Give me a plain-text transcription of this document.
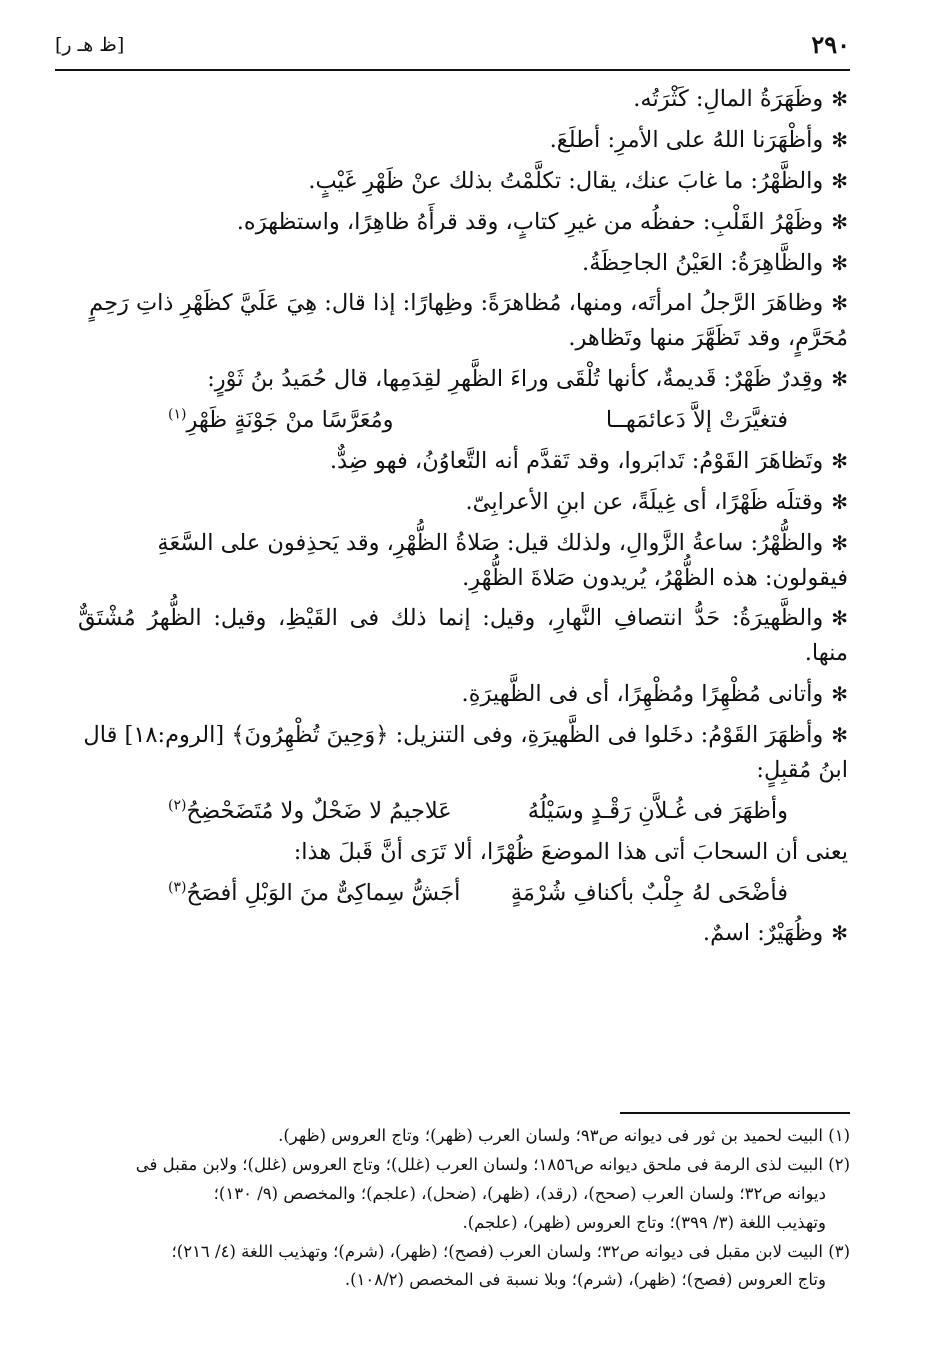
٢٩٠
[ظ هـ ر]

✻وظَهَرَةُ المالِ: كَثْرَتُه.

✻وأظْهَرَنا اللهُ على الأمرِ: أطلَعَ.

✻والظَّهْرُ: ما غابَ عنك، يقال: تكلَّمْتُ بذلك عنْ ظَهْرِ غَيْبٍ.

✻وظَهْرُ القَلْبِ: حفظُه من غيرِ كتابٍ، وقد قرأَهُ ظاهِرًا، واستظهرَه.

✻والظَّاهِرَةُ: العَيْنُ الجاحِظَةُ.

✻وظاهَرَ الرَّجلُ امرأتَه، ومنها، مُظاهرَةً: وظِهارًا: إذا قال: هِيَ عَلَيَّ كظَهْرِ ذاتِ رَحِمٍ
مُحَرَّمٍ، وقد تَظَهَّرَ منها وتَظاهر.

✻وقِدرٌ ظَهْرٌ: قَديمةٌ، كأنها تُلْقَى وراءَ الظَّهرِ لقِدَمِها، قال حُمَيدُ بنُ ثَوْرٍ:

فتغيَّرَتْ إلاَّ دَعائمَهــا
ومُعَرَّسًا منْ جَوْنَةٍ ظَهْرِ$^{(١)}$

✻وتَظاهَرَ القَوْمُ: تَدابَروا، وقد تَقدَّم أنه التَّعاوُنُ، فهو ضِدٌّ.

✻وقتلَه ظَهْرًا، أى غِيلَةً، عن ابنِ الأعرابِىّ.

✻والظُّهْرُ: ساعةُ الزَّوالِ، ولذلك قيل: صَلاةُ الظُّهْرِ، وقد يَحذِفون على السَّعَةِ
فيقولون: هذه الظُّهْرُ، يُريدون صَلاةَ الظُّهْرِ.

✻والظَّهيرَةُ: حَدُّ انتصافِ النَّهارِ، وقيل: إنما ذلك فى القَيْظِ، وقيل: الظُّهرُ مُشْتَقٌّ منها.

✻وأتانى مُظْهِرًا ومُظْهِرًا، أى فى الظَّهيرَةِ.

✻وأظهَرَ القَوْمُ: دخَلوا فى الظَّهيرَةِ، وفى التنزيل: ﴿وَحِينَ تُظْهِرُونَ﴾ [الروم:١٨] قال
ابنُ مُقبِلٍ:

وأظهَرَ فى غُـلاَّنِ رَقْـدٍ وسَيْلُهُ
عَلاجيمُ لا ضَحْلٌ ولا مُتَضَحْضِحُ$^{(٢)}$

يعنى أن السحابَ أتى هذا الموضعَ ظُهْرًا، ألا تَرَى أنَّ قَبلَ هذا:

فأضْحَى لهُ جِلْبٌ بأكنافِ شُرْمَةٍ
أجَشُّ سِماكِىٌّ منَ الوَبْلِ أفصَحُ$^{(٣)}$

✻وظُهَيْرٌ: اسمٌ.

(١) البيت لحميد بن ثور فى ديوانه ص٩٣؛ ولسان العرب (ظهر)؛ وتاج العروس (ظهر).

(٢) البيت لذى الرمة فى ملحق ديوانه ص١٨٥٦؛ ولسان العرب (غلل)؛ وتاج العروس (غلل)؛ ولابن مقبل فى
ديوانه ص٣٢؛ ولسان العرب (صحح)، (رقد)، (ظهر)، (ضحل)، (علجم)؛ والمخصص (٩/ ١٣٠)؛
وتهذيب اللغة (٣/ ٣٩٩)؛ وتاج العروس (ظهر)، (علجم).

(٣) البيت لابن مقبل فى ديوانه ص٣٢؛ ولسان العرب (فصح)؛ (ظهر)، (شرم)؛ وتهذيب اللغة (٤/ ٢١٦)؛
وتاج العروس (فصح)؛ (ظهر)، (شرم)؛ وبلا نسبة فى المخصص (١٠٨/٢).
